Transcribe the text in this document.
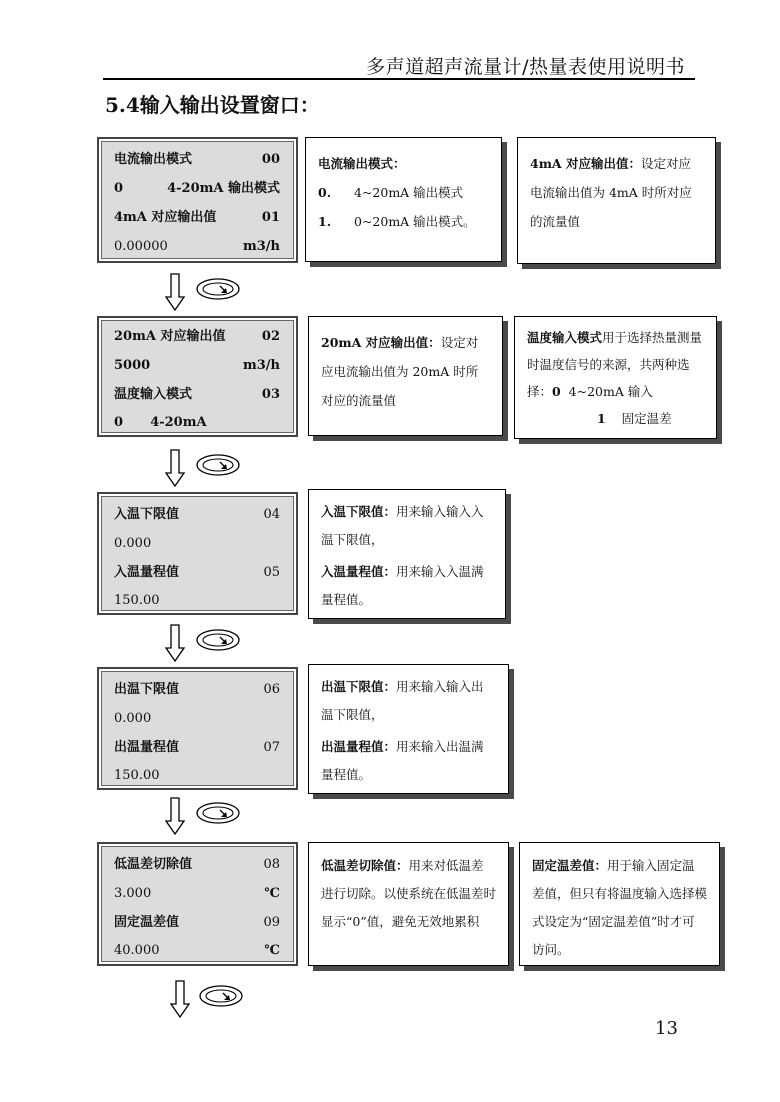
多声道超声流量计/热量表使用说明书
5.4输入输出设置窗口：
电流输出模式	00
0	4-20mA 输出模式
4mA 对应输出值	01
0.00000	m3/h
电流输出模式：
0.	4~20mA 输出模式
1.	0~20mA 输出模式。
4mA 对应输出值：设定对应电流输出值为 4mA 时所对应的流量值
20mA 对应输出值	02
5000	m3/h
温度输入模式	03
0      4-20mA
20mA 对应输出值：设定对应电流输出值为 20mA 时所对应的流量值
温度输入模式用于选择热量测量时温度信号的来源，共两种选择：0 4~20mA 输入
1 固定温差
入温下限值	04
0.000
入温量程值	05
150.00
入温下限值：用来输入输入入温下限值，
入温量程值：用来输入入温满量程值。
出温下限值	06
0.000
出温量程值	07
150.00
出温下限值：用来输入输入出温下限值，
出温量程值：用来输入出温满量程值。
低温差切除值	08
3.000	℃
固定温差值	09
40.000	℃
低温差切除值：用来对低温差进行切除。以使系统在低温差时显示“0”值，避免无效地累积
固定温差值：用于输入固定温差值，但只有将温度输入选择模式设定为“固定温差值”时才可访问。
13
